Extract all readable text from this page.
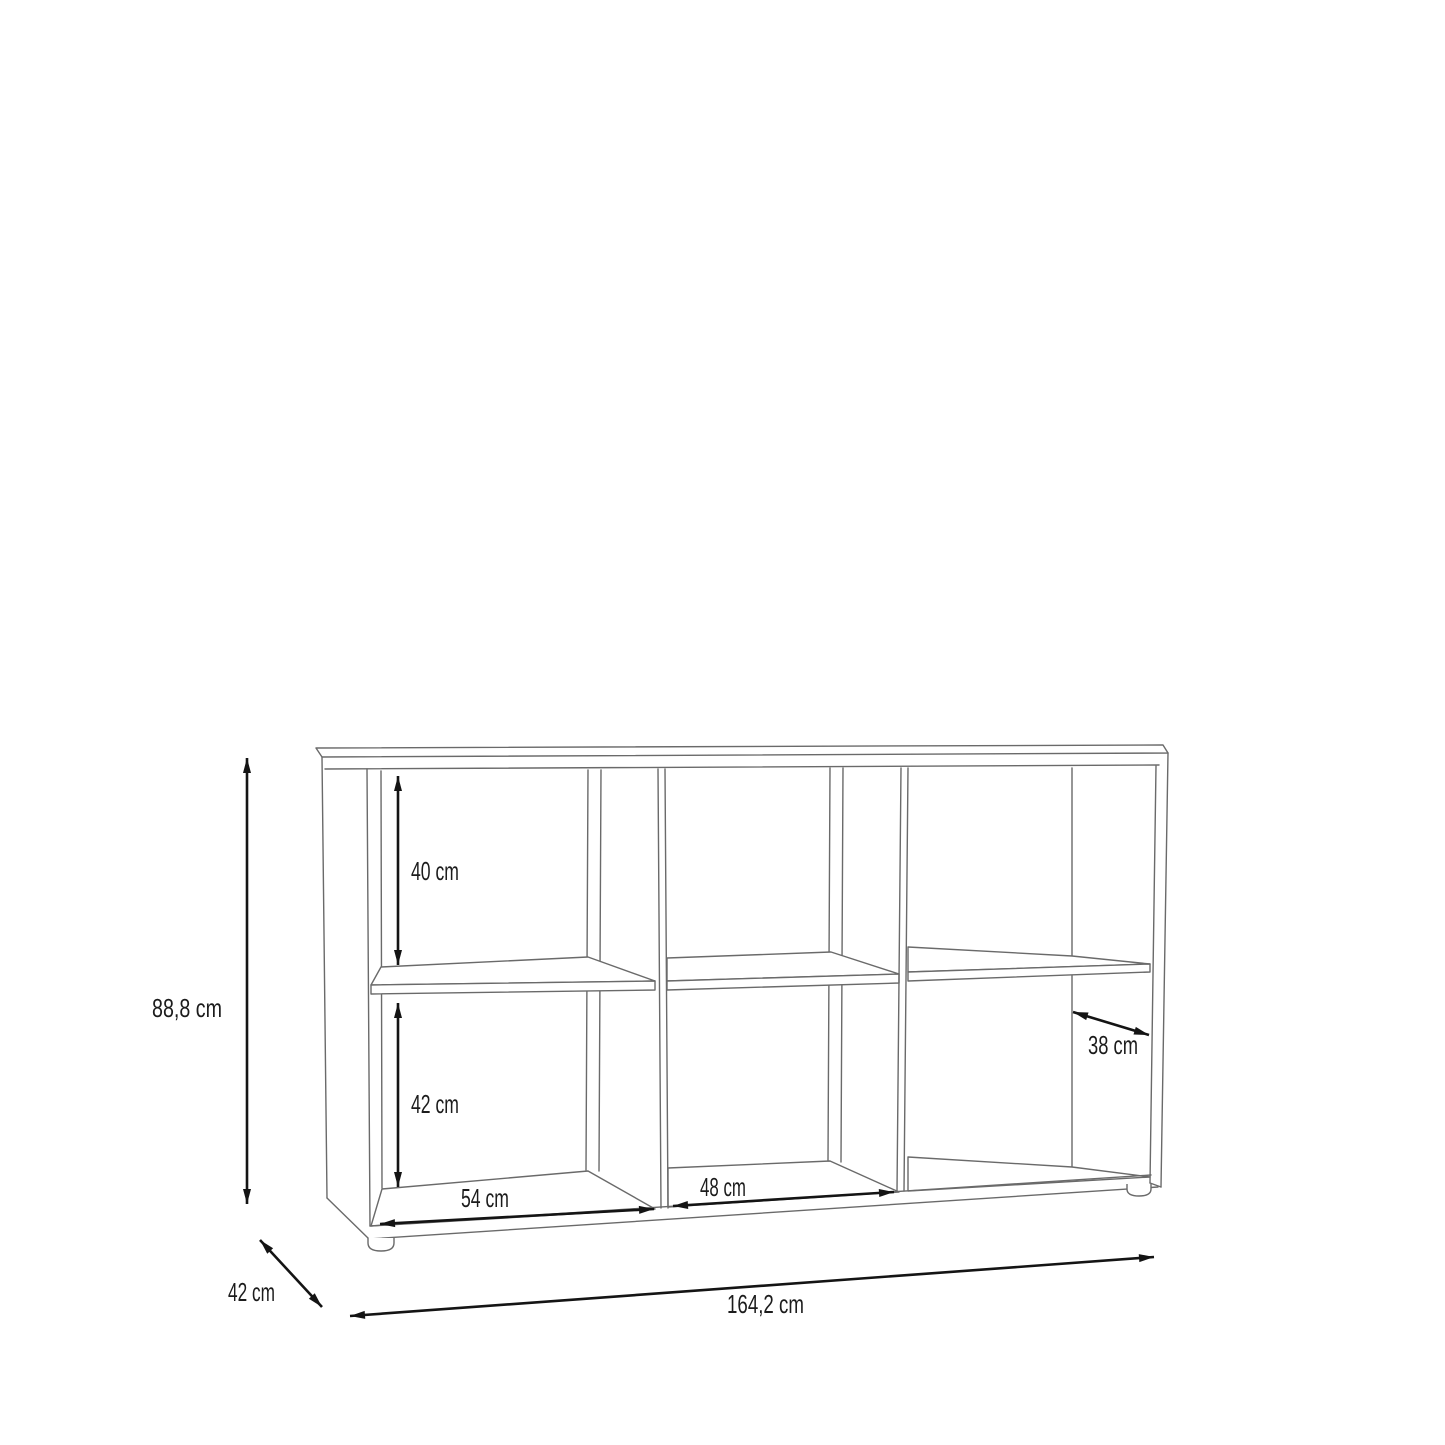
88,8 cm
40 cm
42 cm
38 cm
54 cm	48 cm
42 cm	164,2 cm
